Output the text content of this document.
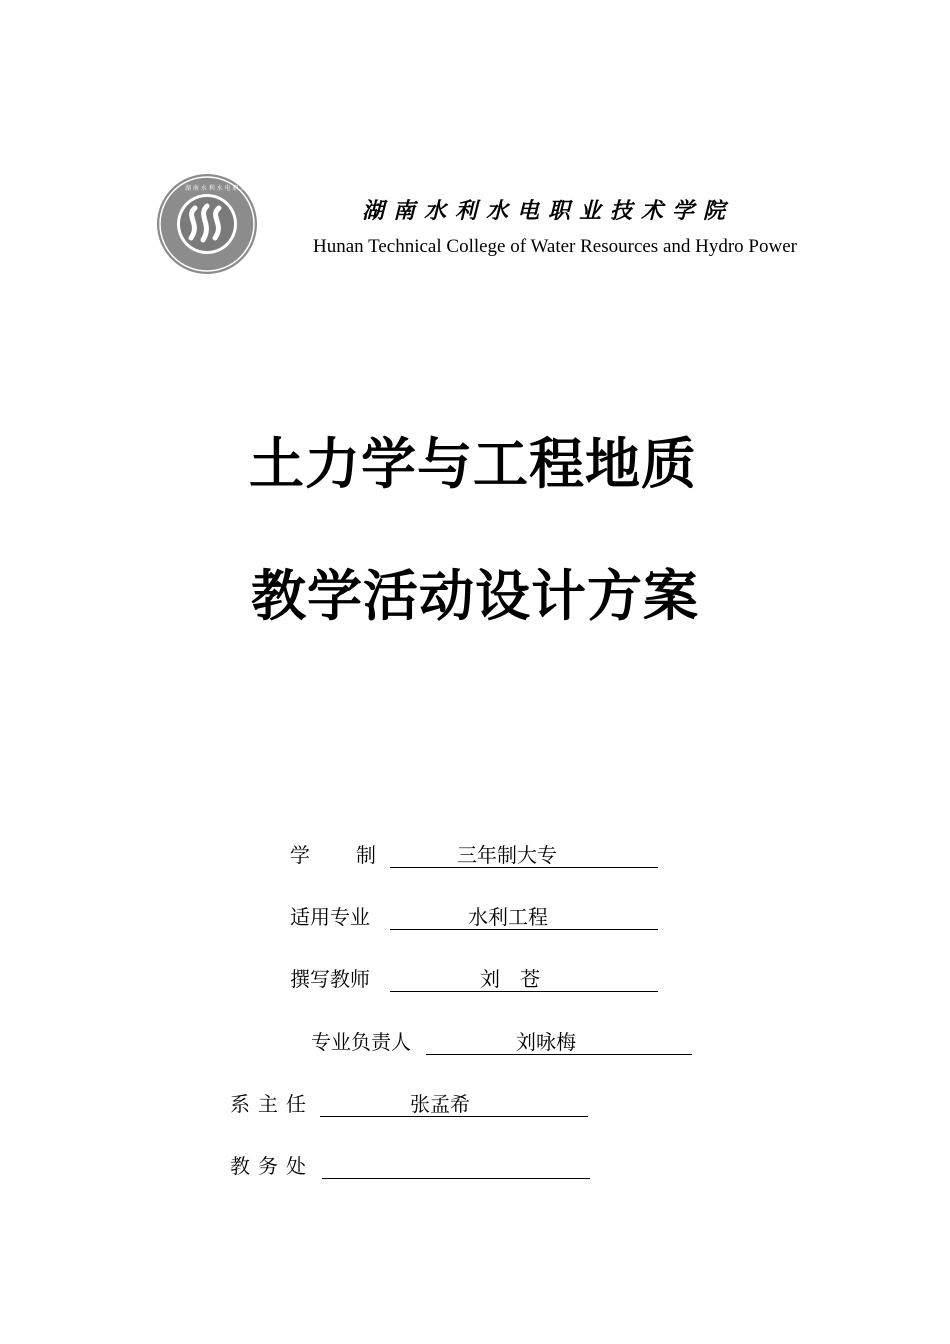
湖 南 水 利 水 电 职 业 技 术 学 院
湖南水利水电职业技术学院
Hunan Technical College of Water Resources and Hydro Power
土力学与工程地质
教学活动设计方案
学 制	三年制大专
适用专业	水利工程
撰写教师	刘　苍
专业负责人	刘咏梅
系主任	张孟希
教务处
